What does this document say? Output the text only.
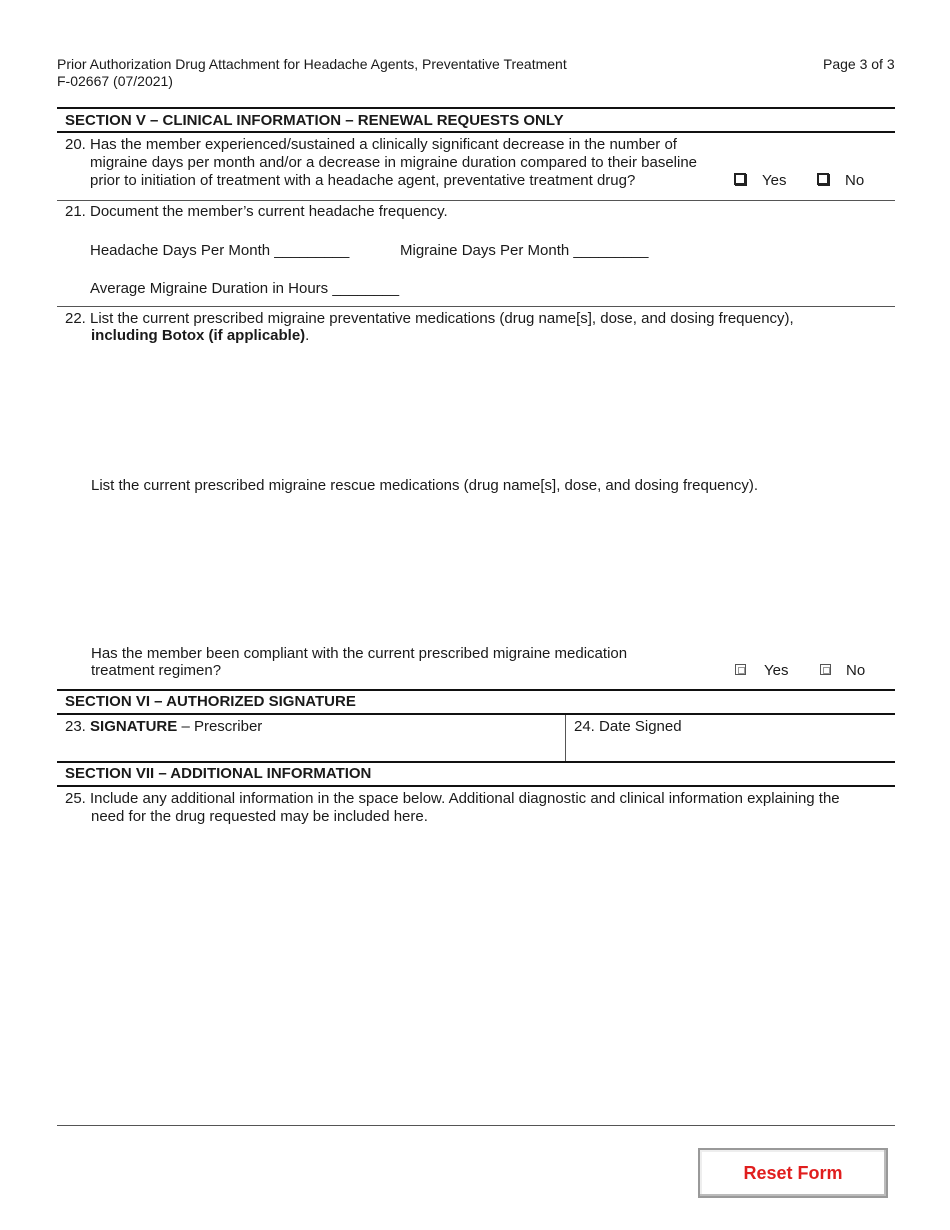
Prior Authorization Drug Attachment for Headache Agents, Preventative Treatment
F-02667 (07/2021)
Page 3 of 3
SECTION V – CLINICAL INFORMATION – RENEWAL REQUESTS ONLY
20. Has the member experienced/sustained a clinically significant decrease in the number of
migraine days per month and/or a decrease in migraine duration compared to their baseline
prior to initiation of treatment with a headache agent, preventative treatment drug?	Yes	No
21. Document the member’s current headache frequency.
Headache Days Per Month _________	Migraine Days Per Month _________
Average Migraine Duration in Hours ________
22. List the current prescribed migraine preventative medications (drug name[s], dose, and dosing frequency),
including Botox (if applicable).
List the current prescribed migraine rescue medications (drug name[s], dose, and dosing frequency).
Has the member been compliant with the current prescribed migraine medication
treatment regimen?	Yes	No
SECTION VI – AUTHORIZED SIGNATURE
23. SIGNATURE – Prescriber	24. Date Signed
SECTION VII – ADDITIONAL INFORMATION
25. Include any additional information in the space below. Additional diagnostic and clinical information explaining the
need for the drug requested may be included here.
Reset Form
